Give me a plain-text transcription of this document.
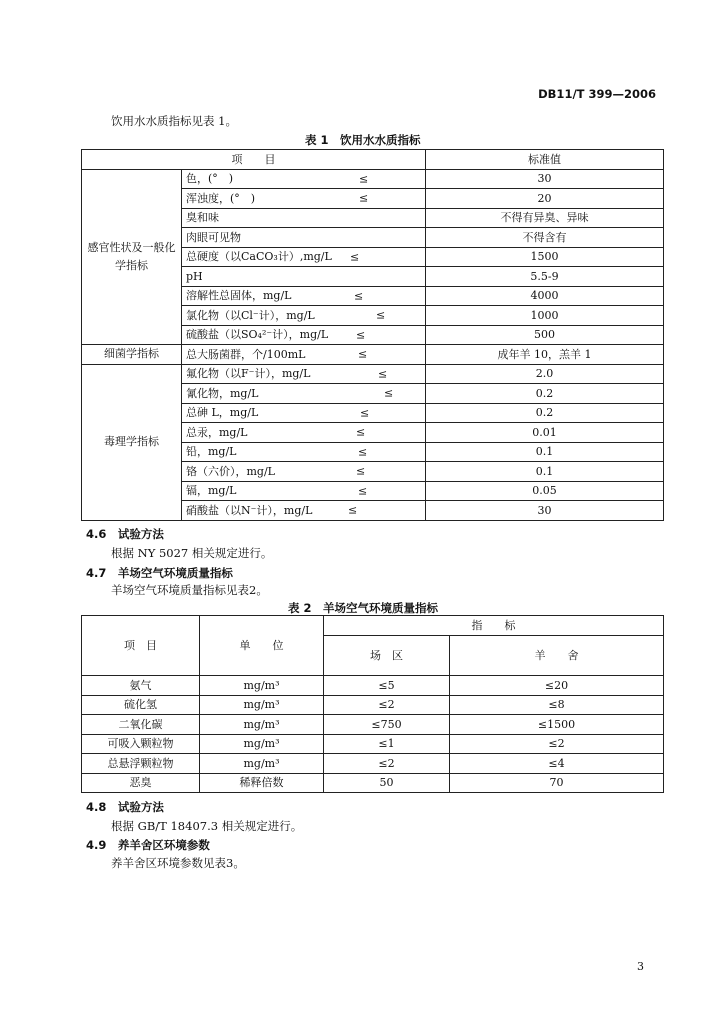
DB11/T 399—2006
饮用水水质指标见表 1。
表 1　饮用水水质指标
项　　目		标准值
感官性状及一般化学指标	色，(°　) ≤	30
	浑浊度，(°　) ≤	20
	臭和味	不得有异臭、异味
	肉眼可见物	不得含有
	总硬度（以CaCO₃计）,mg/L ≤	1500
	pH	5.5-9
	溶解性总固体，mg/L ≤	4000
	氯化物（以Cl⁻计），mg/L ≤	1000
	硫酸盐（以SO₄²⁻计），mg/L ≤	500
细菌学指标	总大肠菌群，个/100mL ≤	成年羊 10，羔羊 1
毒理学指标	氟化物（以F⁻计），mg/L ≤	2.0
	氰化物，mg/L ≤	0.2
	总砷 L，mg/L ≤	0.2
	总汞，mg/L ≤	0.01
	铅，mg/L ≤	0.1
	铬（六价），mg/L ≤	0.1
	镉，mg/L ≤	0.05
	硝酸盐（以N⁻计），mg/L ≤	30
4.6　试验方法
根据 NY 5027 相关规定进行。
4.7　羊场空气环境质量指标
羊场空气环境质量指标见表2。
表 2　羊场空气环境质量指标
项　目	单　　位	指　　标	
		场　区	羊　　舍
氨气	mg/m³	≤5	≤20
硫化氢	mg/m³	≤2	≤8
二氧化碳	mg/m³	≤750	≤1500
可吸入颗粒物	mg/m³	≤1	≤2
总悬浮颗粒物	mg/m³	≤2	≤4
恶臭	稀释倍数	50	70
4.8　试验方法
根据 GB/T 18407.3 相关规定进行。
4.9　养羊舍区环境参数
养羊舍区环境参数见表3。
3
